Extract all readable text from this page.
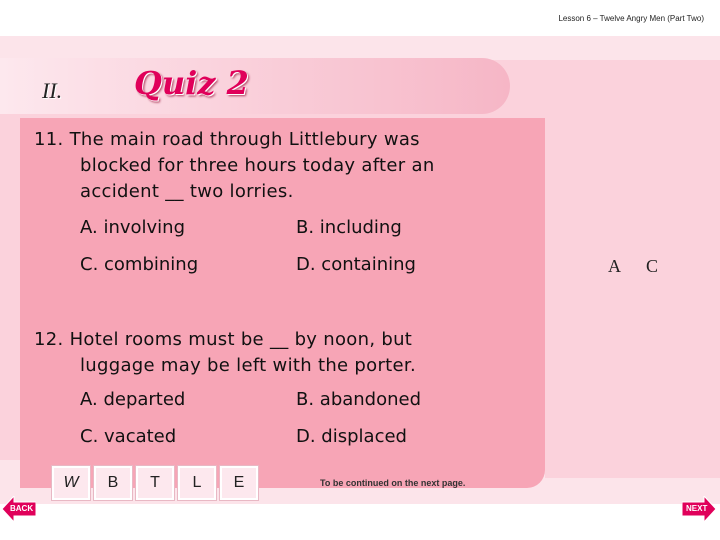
Lesson 6 – Twelve Angry Men (Part Two)
II. Quiz 2
11. The main road through Littlebury was
blocked for three hours today after an
accident __ two lorries.
A. involving	B. including
C. combining	D. containing
12. Hotel rooms must be __ by noon, but
luggage may be left with the porter.
A. departed	B. abandoned
C. vacated	D. displaced
A C
W	B	T	L	E	To be continued on the next page.
BACK	NEXT
